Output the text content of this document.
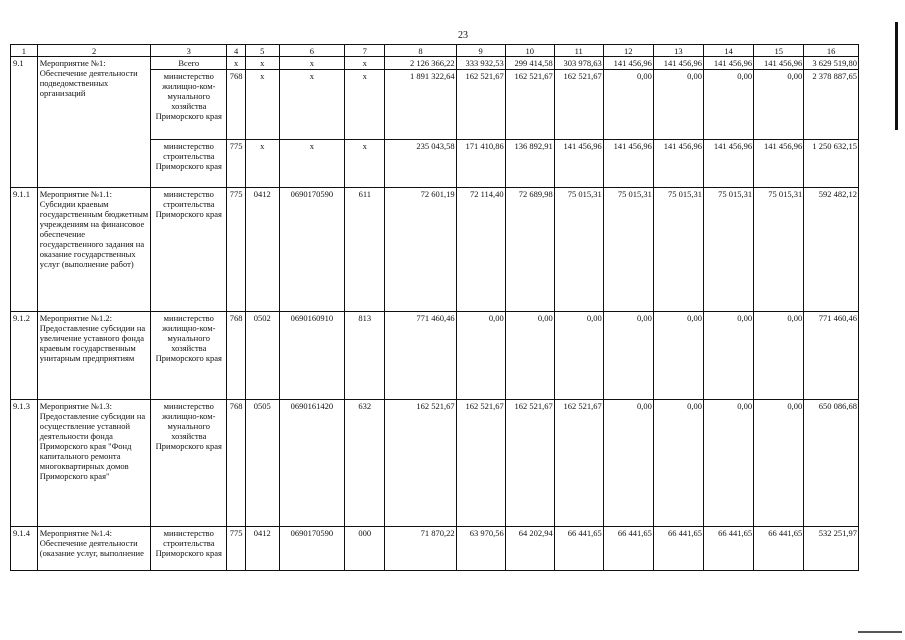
23
1	2	3	4	5	6	7	8	9	10	11	12	13	14	15	16
9.1	Мероприятие №1: Обеспечение деятельности подведомственных организаций	Всего	х	х	х	х	2 126 366,22	333 932,53	299 414,58	303 978,63	141 456,96	141 456,96	141 456,96	141 456,96	3 629 519,80
		министерство жилищно-ком-мунального хозяйства Приморского края	768	х	х	х	1 891 322,64	162 521,67	162 521,67	162 521,67	0,00	0,00	0,00	0,00	2 378 887,65
		министерство строительства Приморского края	775	х	х	х	235 043,58	171 410,86	136 892,91	141 456,96	141 456,96	141 456,96	141 456,96	141 456,96	1 250 632,15
9.1.1	Мероприятие №1.1: Субсидии краевым государственным бюджетным учреждениям на финансовое обеспечение государственного задания на оказание государственных услуг (выполнение работ)	министерство строительства Приморского края	775	0412	0690170590	611	72 601,19	72 114,40	72 689,98	75 015,31	75 015,31	75 015,31	75 015,31	75 015,31	592 482,12
9.1.2	Мероприятие №1.2: Предоставление субсидии на увеличение уставного фонда краевым государственным унитарным предприятиям	министерство жилищно-ком-мунального хозяйства Приморского края	768	0502	0690160910	813	771 460,46	0,00	0,00	0,00	0,00	0,00	0,00	0,00	771 460,46
9.1.3	Мероприятие №1.3: Предоставление субсидии на осуществление уставной деятельности фонда Приморского края "Фонд капитального ремонта многоквартирных домов Приморского края"	министерство жилищно-ком-мунального хозяйства Приморского края	768	0505	0690161420	632	162 521,67	162 521,67	162 521,67	162 521,67	0,00	0,00	0,00	0,00	650 086,68
9.1.4	Мероприятие №1.4: Обеспечение деятельности (оказание услуг, выполнение	министерство строительства Приморского края	775	0412	0690170590	000	71 870,22	63 970,56	64 202,94	66 441,65	66 441,65	66 441,65	66 441,65	66 441,65	532 251,97
